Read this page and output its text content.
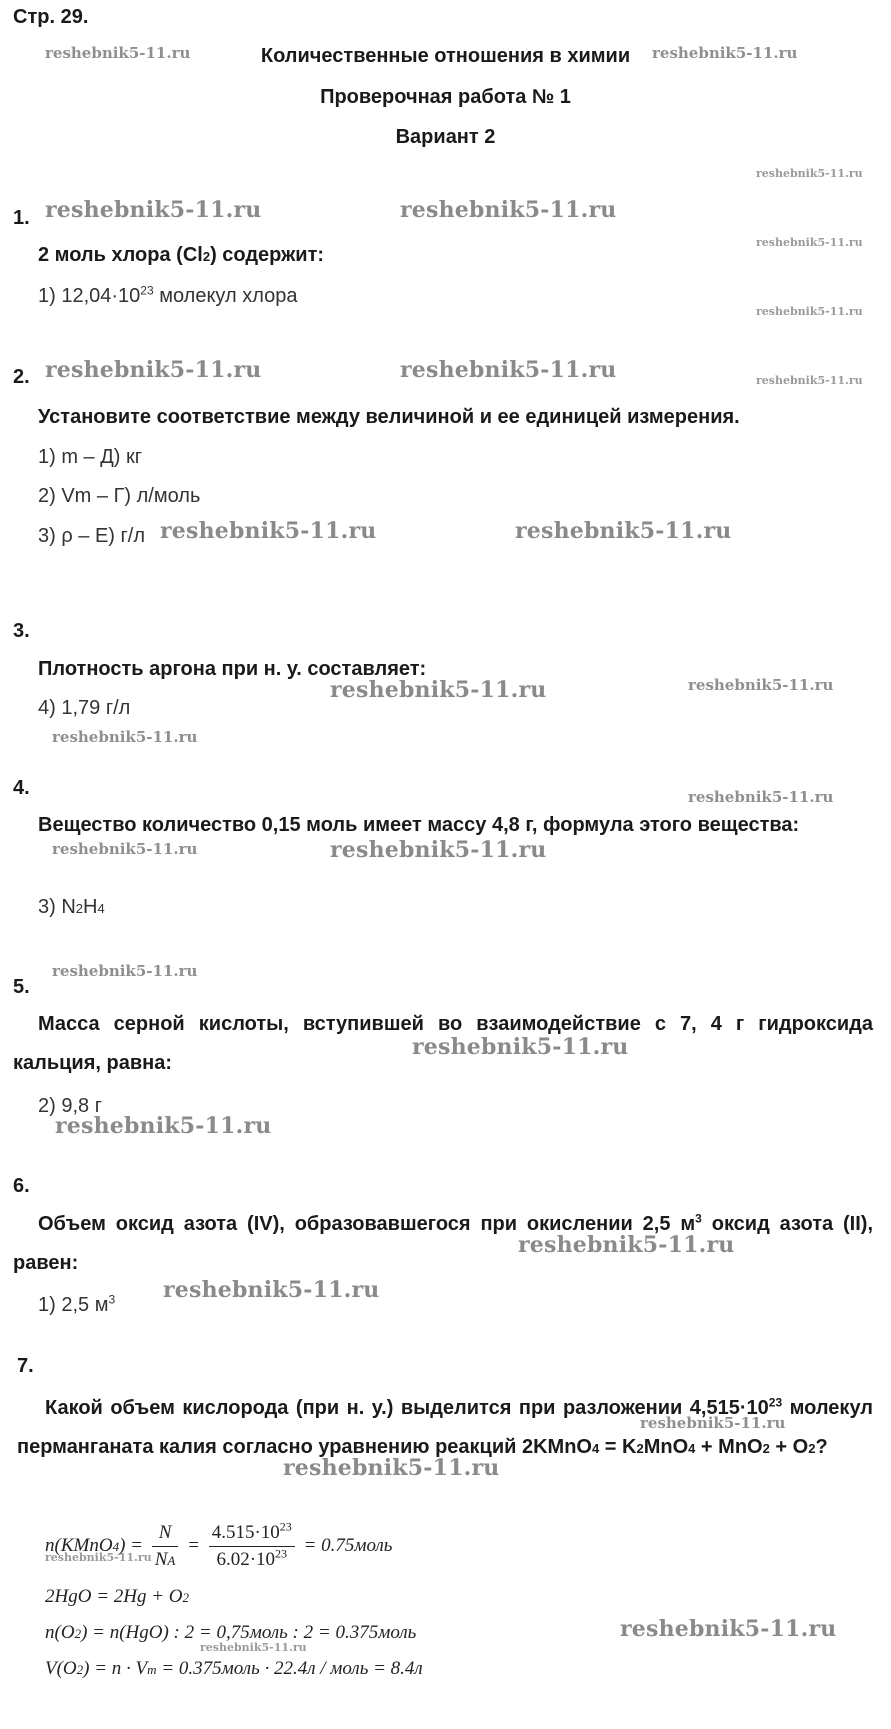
Стр. 29.
Количественные отношения в химии
Проверочная работа № 1
Вариант 2
1.
2 моль хлора (Cl2) содержит:
1) $12,04\cdot 10^{23}$ молекул хлора
2.
Установите соответствие между величиной и ее единицей измерения.
1) m – Д) кг
2) Vm – Г) л/моль
3) ρ – Е) г/л
3.
Плотность аргона при н. у. составляет:
4) 1,79 г/л
4.
Вещество количество 0,15 моль имеет массу 4,8 г, формула этого вещества:
3) N2H4
5.
Масса серной кислоты, вступившей во взаимодействие с 7, 4 г гидроксида кальция, равна:
2) 9,8 г
6.
Объем оксид азота (IV), образовавшегося при окислении 2,5 $м^3$ оксид азота (II), равен:
1) 2,5 $м^3$
7.
Какой объем кислорода (при н. у.) выделится при разложении $4,515\cdot 10^{23}$ молекул перманганата калия согласно уравнению реакций 2KMnO4 = K2MnO4 + MnO2 + O2?
n(KMnO4) = $\frac{N}{NA} = \frac{4.515\cdot 10^{23}}{6.02\cdot 10^{23}}$ = 0.75моль
2HgO = 2Hg + O2
n(O2) = n(HgO) : 2 = 0,75моль : 2 = 0.375моль
V(O2) = n · Vm = 0.375моль · 22.4л / моль = 8.4л
reshebnik5-11.ru	reshebnik5-11.ru
reshebnik5-11.ru
reshebnik5-11.ru	reshebnik5-11.ru
reshebnik5-11.ru
reshebnik5-11.ru
reshebnik5-11.ru	reshebnik5-11.ru	reshebnik5-11.ru
reshebnik5-11.ru	reshebnik5-11.ru
reshebnik5-11.ru	reshebnik5-11.ru
reshebnik5-11.ru
reshebnik5-11.ru
reshebnik5-11.ru	reshebnik5-11.ru
reshebnik5-11.ru
reshebnik5-11.ru
reshebnik5-11.ru
reshebnik5-11.ru
reshebnik5-11.ru
reshebnik5-11.ru
reshebnik5-11.ru
reshebnik5-11.ru
reshebnik5-11.ru
reshebnik5-11.ru
